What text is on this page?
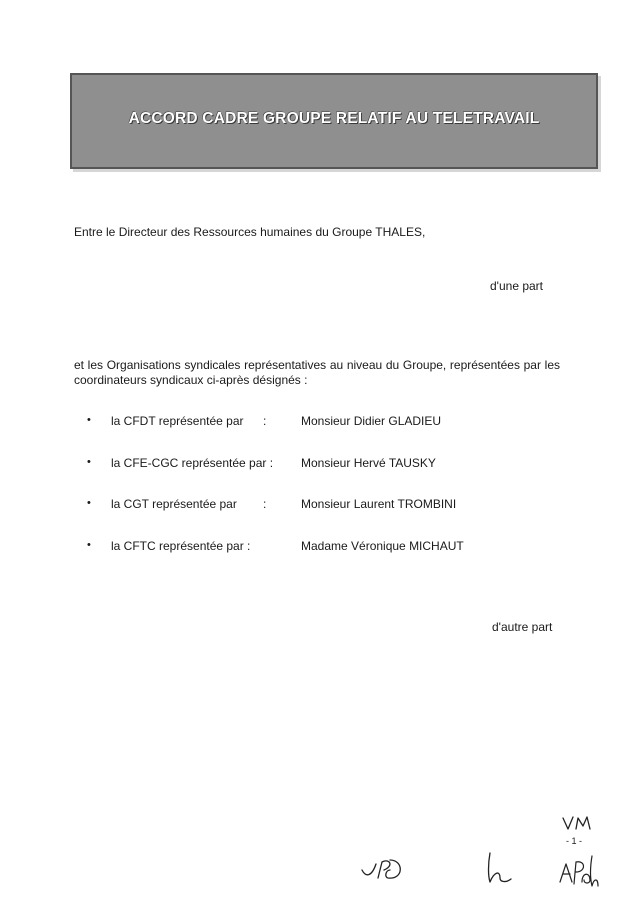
ACCORD CADRE GROUPE RELATIF AU TELETRAVAIL
Entre le Directeur des Ressources humaines du Groupe THALES,
d'une part
et les Organisations syndicales représentatives au niveau du Groupe, représentées par les coordinateurs syndicaux ci-après désignés :
• la CFDT représentée par :	Monsieur Didier GLADIEU
• la CFE-CGC représentée par : Monsieur Hervé TAUSKY
• la CGT représentée par :	Monsieur Laurent TROMBINI
• la CFTC représentée par :	Madame Véronique MICHAUT
d'autre part
- 1 -
